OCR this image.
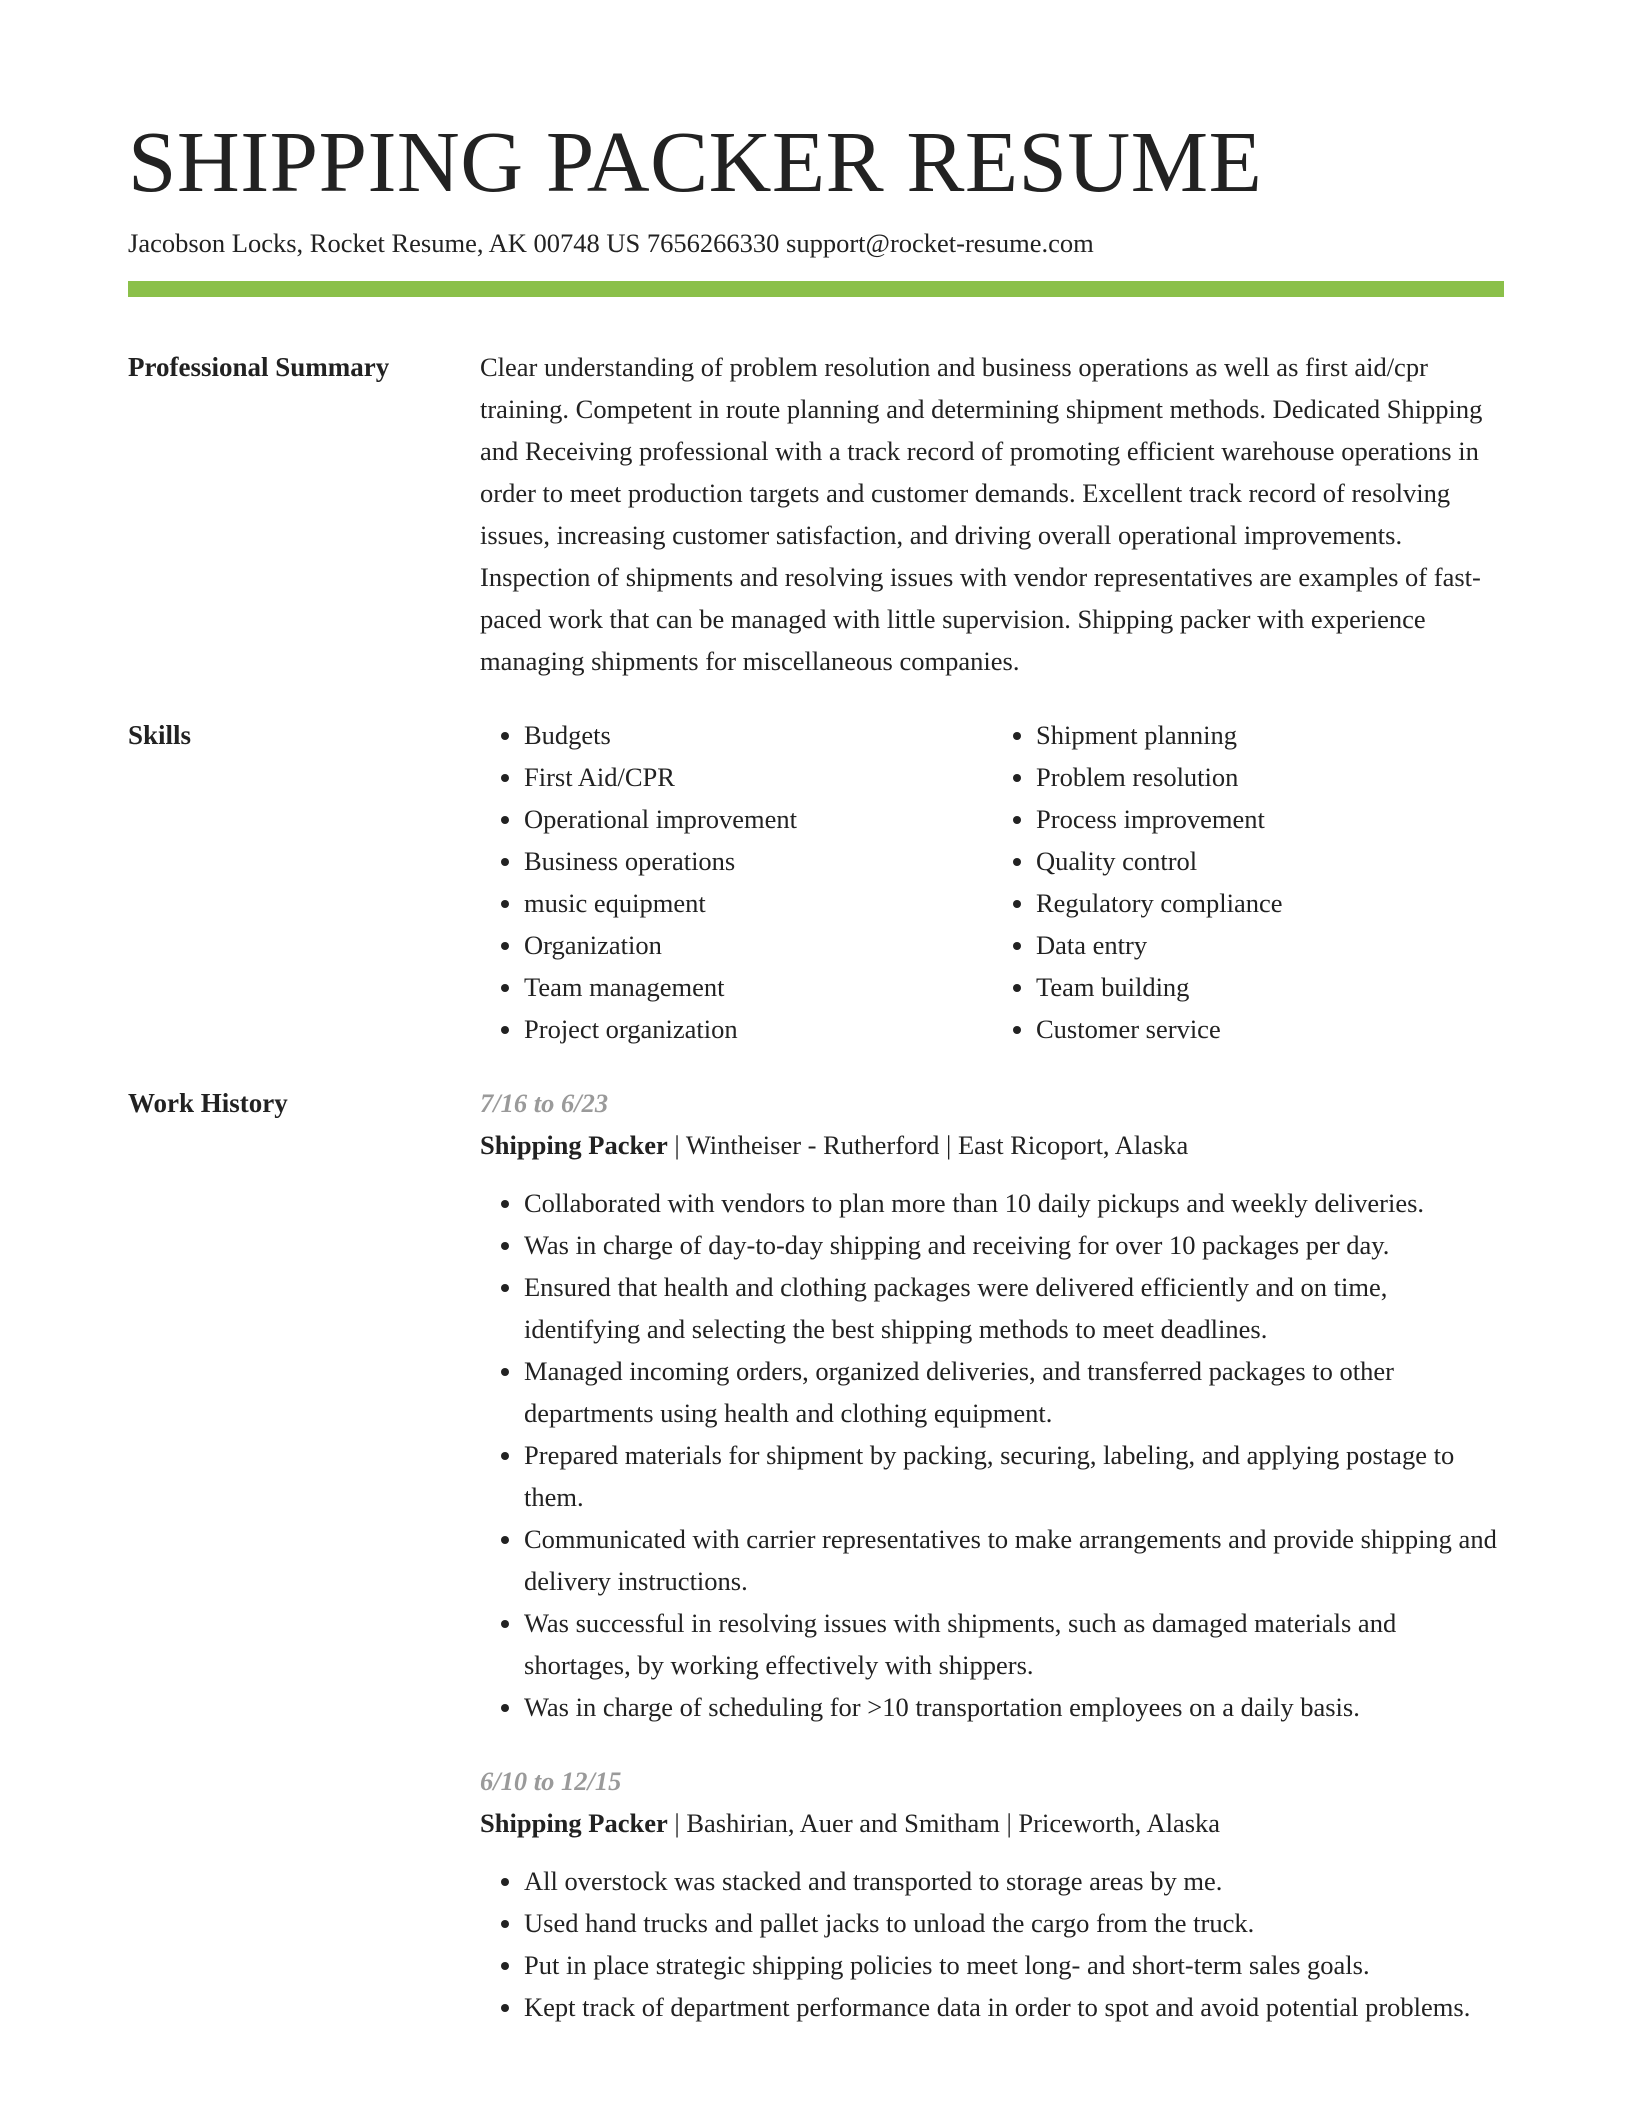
SHIPPING PACKER RESUME
Jacobson Locks, Rocket Resume, AK 00748 US 7656266330 support@rocket-resume.com
Professional Summary	Clear understanding of problem resolution and business operations as well as first aid/cpr training. Competent in route planning and determining shipment methods. Dedicated Shipping and Receiving professional with a track record of promoting efficient warehouse operations in order to meet production targets and customer demands. Excellent track record of resolving issues, increasing customer satisfaction, and driving overall operational improvements. Inspection of shipments and resolving issues with vendor representatives are examples of fast-paced work that can be managed with little supervision. Shipping packer with experience managing shipments for miscellaneous companies.

Skills
•	Budgets
• First Aid/CPR
• Operational improvement
• Business operations
• music equipment
• Organization
• Team management
• Project organization
• Shipment planning
• Problem resolution
• Process improvement
• Quality control
• Regulatory compliance
• Data entry
• Team building
• Customer service
Work History	7/16 to 6/23
Shipping Packer | Wintheiser - Rutherford | East Ricoport, Alaska
• Collaborated with vendors to plan more than 10 daily pickups and weekly deliveries.
• Was in charge of day-to-day shipping and receiving for over 10 packages per day.
• Ensured that health and clothing packages were delivered efficiently and on time, identifying and selecting the best shipping methods to meet deadlines.
• Managed incoming orders, organized deliveries, and transferred packages to other departments using health and clothing equipment.
• Prepared materials for shipment by packing, securing, labeling, and applying postage to them.
• Communicated with carrier representatives to make arrangements and provide shipping and delivery instructions.
• Was successful in resolving issues with shipments, such as damaged materials and shortages, by working effectively with shippers.
• Was in charge of scheduling for >10 transportation employees on a daily basis.
6/10 to 12/15
Shipping Packer | Bashirian, Auer and Smitham | Priceworth, Alaska
• All overstock was stacked and transported to storage areas by me.
• Used hand trucks and pallet jacks to unload the cargo from the truck.
• Put in place strategic shipping policies to meet long- and short-term sales goals.
• Kept track of department performance data in order to spot and avoid potential problems.
